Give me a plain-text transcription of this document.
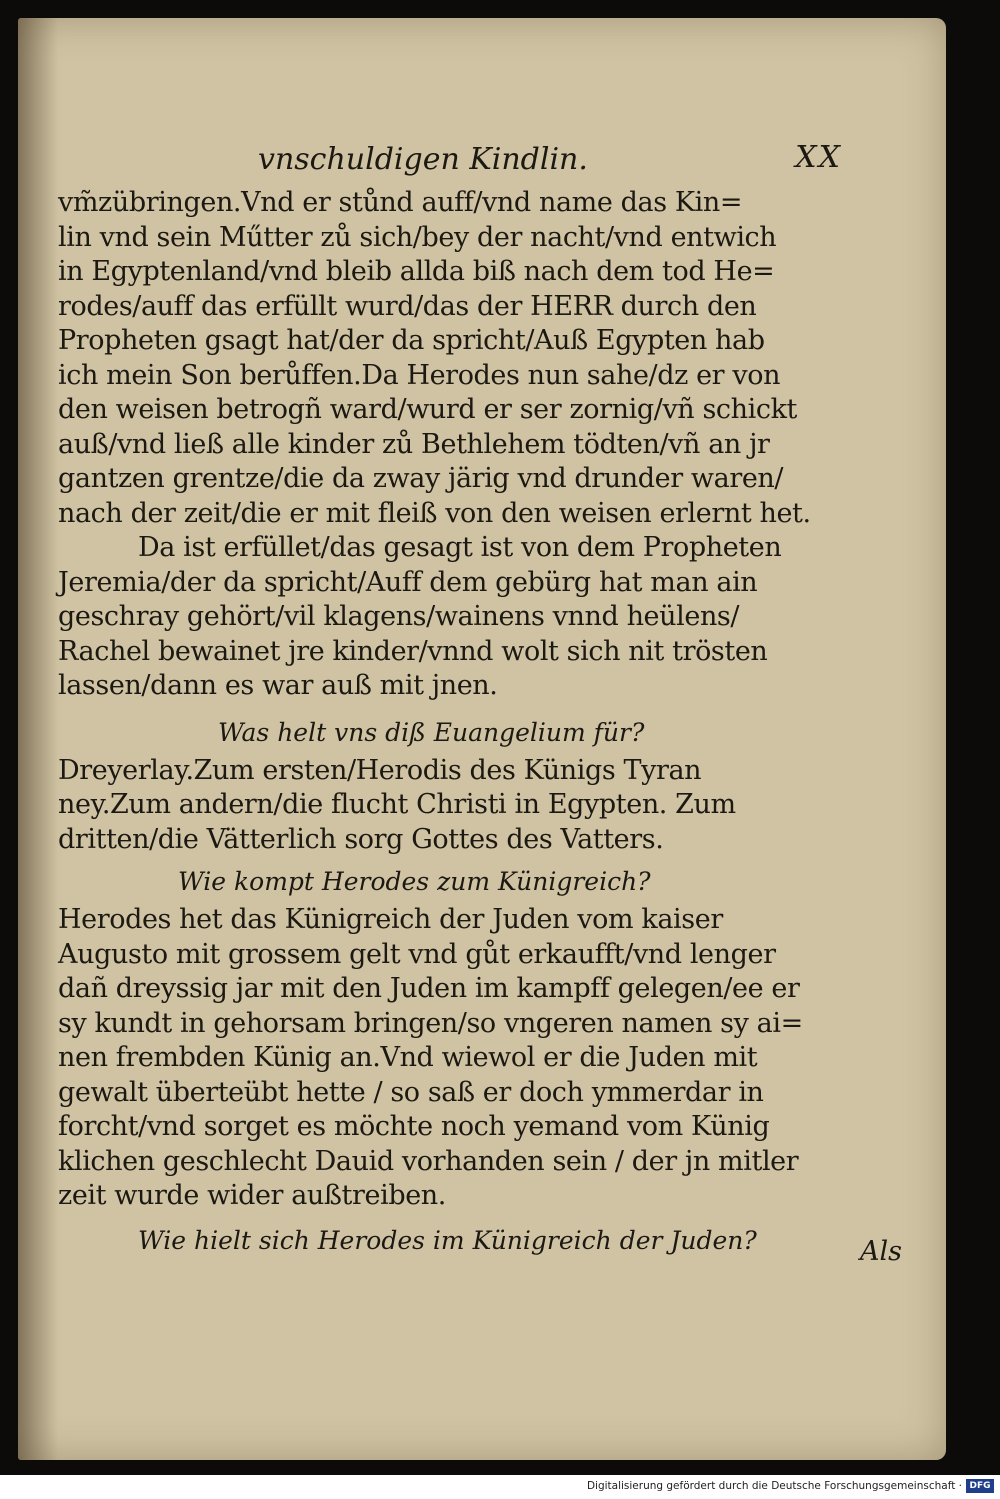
vnschuldigen Kindlin.	XX
vm̃zübringen.Vnd er stůnd auff/vnd name das Kin=
lin vnd sein Műtter zů sich/bey der nacht/vnd entwich
in Egyptenland/vnd bleib allda biß nach dem tod He=
rodes/auff das erfüllt wurd/das der HERR durch den
Propheten gsagt hat/der da spricht/Auß Egypten hab
ich mein Son berůffen.Da Herodes nun sahe/dz er von
den weisen betrogñ ward/wurd er ser zornig/vñ schickt
auß/vnd ließ alle kinder zů Bethlehem tödten/vñ an jr
gantzen grentze/die da zway järig vnd drunder waren/
nach der zeit/die er mit fleiß von den weisen erlernt het.
Da ist erfüllet/das gesagt ist von dem Propheten
Jeremia/der da spricht/Auff dem gebürg hat man ain
geschray gehört/vil klagens/wainens vnnd heülens/
Rachel bewainet jre kinder/vnnd wolt sich nit trösten
lassen/dann es war auß mit jnen.
Was helt vns diß Euangelium für?
Dreyerlay.Zum ersten/Herodis des Künigs Tyran
ney.Zum andern/die flucht Christi in Egypten. Zum
dritten/die Vätterlich sorg Gottes des Vatters.
Wie kompt Herodes zum Künigreich?
Herodes het das Künigreich der Juden vom kaiser
Augusto mit grossem gelt vnd gůt erkaufft/vnd lenger
dañ dreyssig jar mit den Juden im kampff gelegen/ee er
sy kundt in gehorsam bringen/so vngeren namen sy ai=
nen frembden Künig an.Vnd wiewol er die Juden mit
gewalt überteübt hette / so saß er doch ymmerdar in
forcht/vnd sorget es möchte noch yemand vom Künig
klichen geschlecht Dauid vorhanden sein / der jn mitler
zeit wurde wider außtreiben.
Wie hielt sich Herodes im Künigreich der Juden?	Als
Digitalisierung gefördert durch die Deutsche Forschungsgemeinschaft · DFG
